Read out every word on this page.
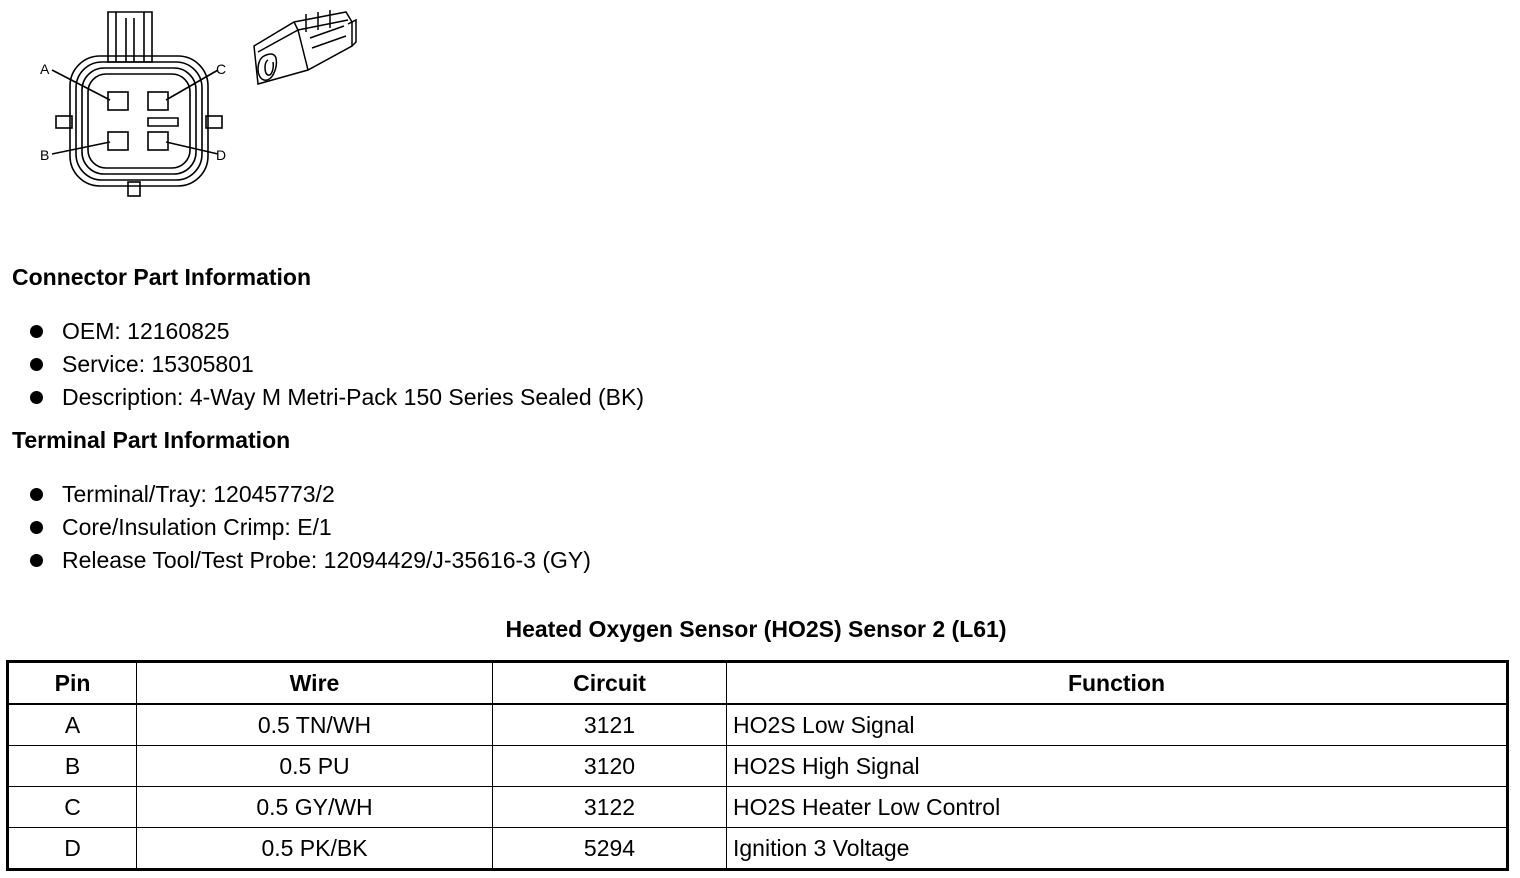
A
B
C
D
Connector Part Information
OEM: 12160825
Service: 15305801
Description: 4-Way M Metri-Pack 150 Series Sealed (BK)
Terminal Part Information
Terminal/Tray: 12045773/2
Core/Insulation Crimp: E/1
Release Tool/Test Probe: 12094429/J-35616-3 (GY)
Heated Oxygen Sensor (HO2S) Sensor 2 (L61)
Pin	Wire	Circuit	Function
A	0.5 TN/WH	3121	HO2S Low Signal
B	0.5 PU	3120	HO2S High Signal
C	0.5 GY/WH	3122	HO2S Heater Low Control
D	0.5 PK/BK	5294	Ignition 3 Voltage
